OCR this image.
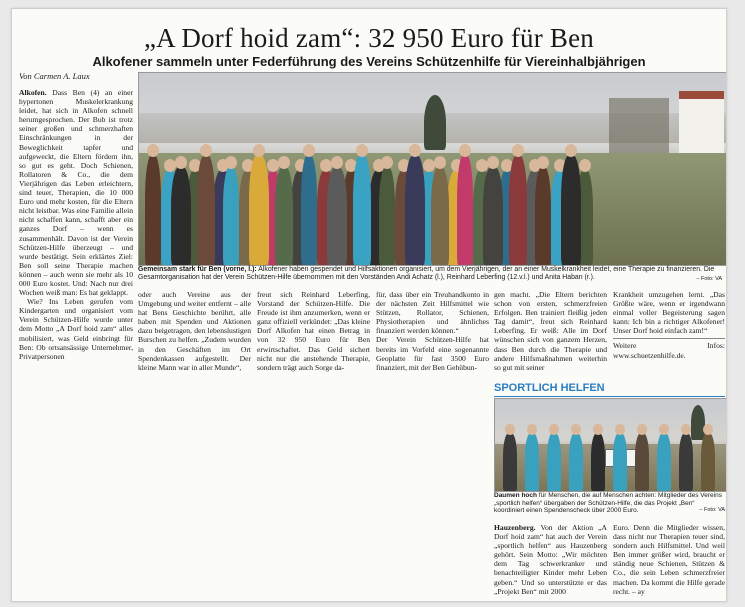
„A Dorf hoid zam“: 32 950 Euro für Ben
Alkofener sammeln unter Federführung des Vereins Schützenhilfe für Viereinhalbjährigen
Von Carmen A. Laux
Alkofen. Dass Ben (4) an einer hypertonen Muskelerkrankung leidet, hat sich in Alkofen schnell herumgesprochen. Der Bub ist trotz seiner großen und schmerzhaften Einschränkungen in der Beweglichkeit tapfer und aufgeweckt, die Eltern fördern ihn, so gut es geht. Doch Schienen, Rollatoren & Co., die dem Vierjährigen das Leben erleichtern, sind teuer, Therapien, die 10 000 Euro und mehr kosten, für die Eltern nicht leistbar. Was eine Familie allein nicht schaffen kann, schafft aber ein ganzes Dorf – wenn es zusammenhält. Davon ist der Verein Schützen-Hilfe überzeugt – und wurde bestätigt. Sein erklärtes Ziel: Ben soll seine Therapie machen können – auch wenn sie mehr als 10 000 Euro kostet. Und: Nach nur drei Wochen weiß man: Es hat geklappt.
Wie? Ins Leben gerufen vom Kindergarten und organisiert vom Verein Schützen-Hilfe wurde unter dem Motto „A Dorf hoid zam“ alles mobilisiert, was Geld einbringt für Ben: Ob ortsansässige Unternehmer, Privatpersonen
Gemeinsam stark für Ben (vorne, l.): Alkofener haben gespendet und Hilfsaktionen organisiert, um dem Vierjährigen, der an einer Muskelkrankheit leidet, eine Therapie zu finanzieren. Die Gesamtorganisation hat der Verein Schützen-Hilfe übernommen mit den Vorständen Andi Achatz (l.), Reinhard Leberfing (12.v.l.) und Anita Haban (r.).	– Foto: VA
oder auch Vereine aus der Umgebung und weiter entfernt – alle hat Bens Geschichte berührt, alle haben mit Spenden und Aktionen dazu beigetragen, den lebenslustigen Burschen zu helfen. „Zudem wurden in den Geschäften im Ort Spendenkassen aufgestellt. Der kleine Mann war in aller Munde“,
freut sich Reinhard Leberfing, Vorstand der Schützen-Hilfe. Die Freude ist ihm anzumerken, wenn er ganz offiziell verkündet: „Das kleine Dorf Alkofen hat einen Betrag in von 32 950 Euro für Ben erwirtschaftet. Das Geld sichert nicht nur die anstehende Therapie, sondern trägt auch Sorge da-
für, dass über ein Treuhandkonto in der nächsten Zeit Hilfsmittel wie Stützen, Rollator, Schienen, Physiotherapien und ähnliches finanziert werden können.“
Der Verein Schützen-Hilfe hat bereits im Vorfeld eine sogenannte Geoplatte für fast 3500 Euro finanziert, mit der Ben Gehübun-
gen macht. „Die Eltern berichten schon von ersten, schmerzfreien Erfolgen. Ben trainiert fleißig jeden Tag damit“, freut sich Reinhard Leberfing. Er weiß: Alle im Dorf wünschen sich von ganzem Herzen, dass Ben durch die Therapie und andere Hilfsmaßnahmen weiterhin so gut mit seiner
Krankheit umzugehen lernt. „Das Größte wäre, wenn er irgendwann einmal voller Begeisterung sagen kann: Ich bin a richtiger Alkofener! Unser Dorf hoid einfach zam!“
Weitere Infos: www.schuetzenhilfe.de.
SPORTLICH HELFEN
Daumen hoch für Menschen, die auf Menschen achten: Mitglieder des Vereins „sportlich helfen“ übergaben der Schützen-Hilfe, die das Projekt „Ben“ koordiniert einen Spendenscheck über 2000 Euro.	– Foto: VA
Hauzenberg. Von der Aktion „A Dorf hoid zam“ hat auch der Verein „sportlich helfen“ aus Hauzenberg gehört. Sein Motto: „Wir möchten dem Tag schwerkranker und benachteiligter Kinder mehr Leben geben.“ Und so unterstützte er das „Projekt Ben“ mit 2000
Euro. Denn die Mitglieder wissen, dass nicht nur Therapien teuer sind, sondern auch Hilfsmittel. Und weil Ben immer größer wird, braucht er ständig neue Schienen, Stützen & Co., die sein Leben schmerzfreier machen. Da kommt die Hilfe gerade recht. – ay
